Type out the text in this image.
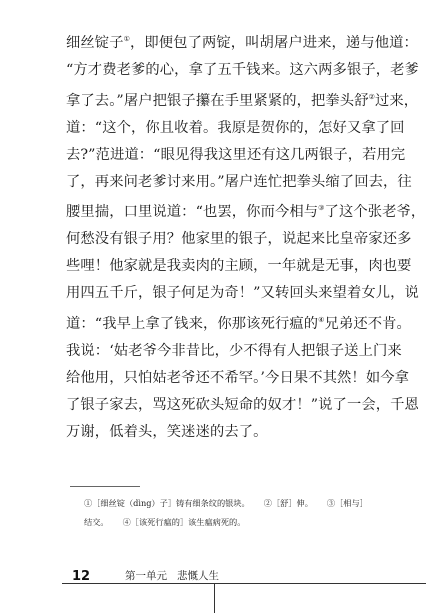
细丝锭子①，即便包了两锭，叫胡屠户进来，递与他道：
“方才费老爹的心，拿了五千钱来。这六两多银子，老爹
拿了去。”屠户把银子攥在手里紧紧的，把拳头舒②过来，
道：“这个，你且收着。我原是贺你的，怎好又拿了回
去?”范进道：“眼见得我这里还有这几两银子，若用完
了，再来问老爹讨来用。”屠户连忙把拳头缩了回去，往
腰里揣，口里说道：“也罢，你而今相与③了这个张老爷，
何愁没有银子用？他家里的银子，说起来比皇帝家还多
些哩！他家就是我卖肉的主顾，一年就是无事，肉也要
用四五千斤，银子何足为奇！”又转回头来望着女儿，说
道：“我早上拿了钱来，你那该死行瘟的④兄弟还不肯。
我说：‘姑老爷今非昔比，少不得有人把银子送上门来
给他用，只怕姑老爷还不希罕。’今日果不其然！如今拿
了银子家去，骂这死砍头短命的奴才！”说了一会，千恩
万谢，低着头，笑迷迷的去了。
①［细丝锭（dìng）子］铸有细条纹的银块。 ②［舒］伸。 ③［相与］
结交。 ④［该死行瘟的］该生瘟病死的。
12	第一单元 悲慨人生
